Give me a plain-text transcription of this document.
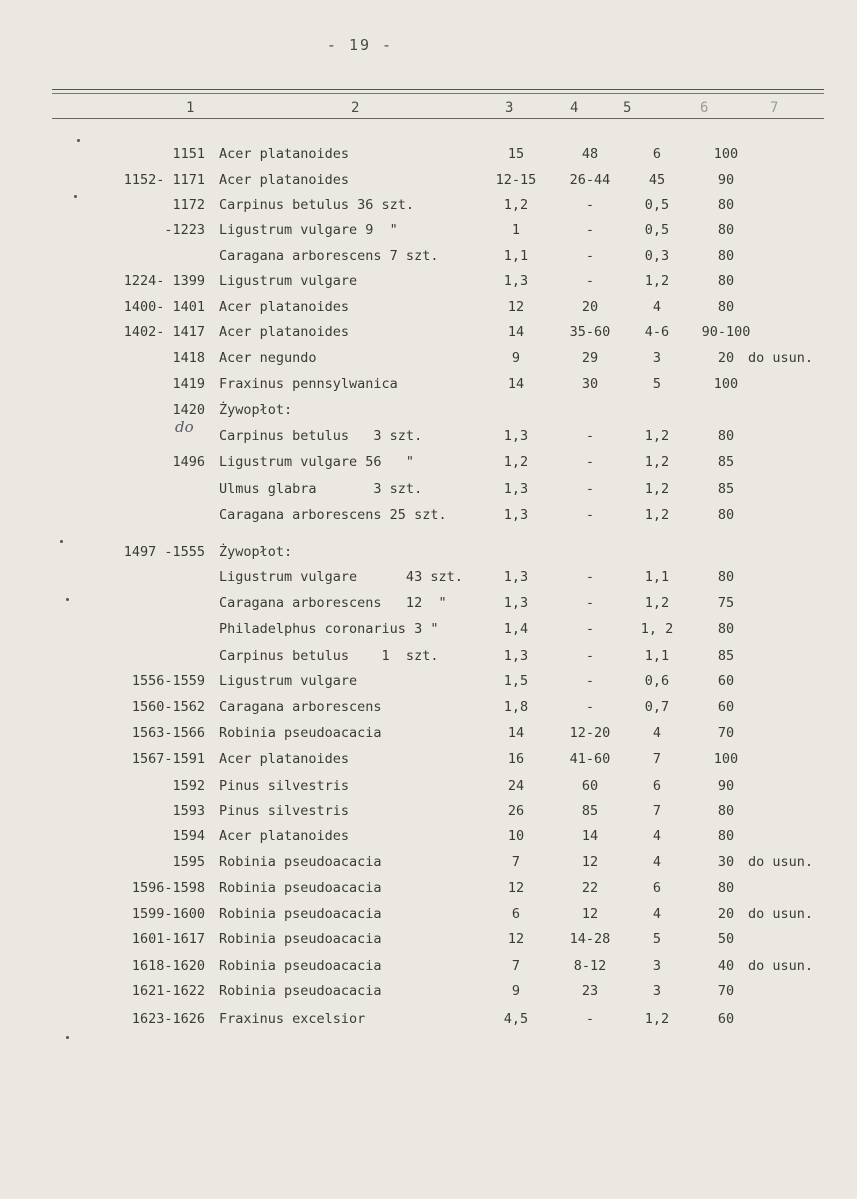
- 19 -
1	2	3	4	5	6	7
1151 Acer platanoides	15	48	6	100
1152- 1171 Acer platanoides	12-15	26-44	45	90
1172 Carpinus betulus 36 szt.	1,2	-	0,5	80
-1223 Ligustrum vulgare 9  "	1	-	0,5	80
Caragana arborescens 7 szt.	1,1	-	0,3	80
1224- 1399 Ligustrum vulgare	1,3	-	1,2	80
1400- 1401 Acer platanoides	12	20	4	80
1402- 1417 Acer platanoides	14	35-60	4-6	90-100
1418 Acer negundo	9	29	3	20	do usun.
1419 Fraxinus pennsylwanica	14	30	5	100
1420 Żywopłot:
Carpinus betulus   3 szt.	1,3	-	1,2	80
1496 Ligustrum vulgare 56   "	1,2	-	1,2	85
Ulmus glabra       3 szt.	1,3	-	1,2	85
Caragana arborescens 25 szt.	1,3	-	1,2	80
1497 -1555 Żywopłot:
Ligustrum vulgare      43 szt.	1,3	-	1,1	80
Caragana arborescens   12  "	1,3	-	1,2	75
Philadelphus coronarius 3 "	1,4	-	1, 2	80
Carpinus betulus    1  szt.	1,3	-	1,1	85
1556-1559 Ligustrum vulgare	1,5	-	0,6	60
1560-1562 Caragana arborescens	1,8	-	0,7	60
1563-1566 Robinia pseudoacacia	14	12-20	4	70
1567-1591 Acer platanoides	16	41-60	7	100
1592 Pinus silvestris	24	60	6	90
1593 Pinus silvestris	26	85	7	80
1594 Acer platanoides	10	14	4	80
1595 Robinia pseudoacacia	7	12	4	30	do usun.
1596-1598 Robinia pseudoacacia	12	22	6	80
1599-1600 Robinia pseudoacacia	6	12	4	20	do usun.
1601-1617 Robinia pseudoacacia	12	14-28	5	50
1618-1620 Robinia pseudoacacia	7	8-12	3	40	do usun.
1621-1622 Robinia pseudoacacia	9	23	3	70
1623-1626 Fraxinus excelsior	4,5	-	1,2	60
do
